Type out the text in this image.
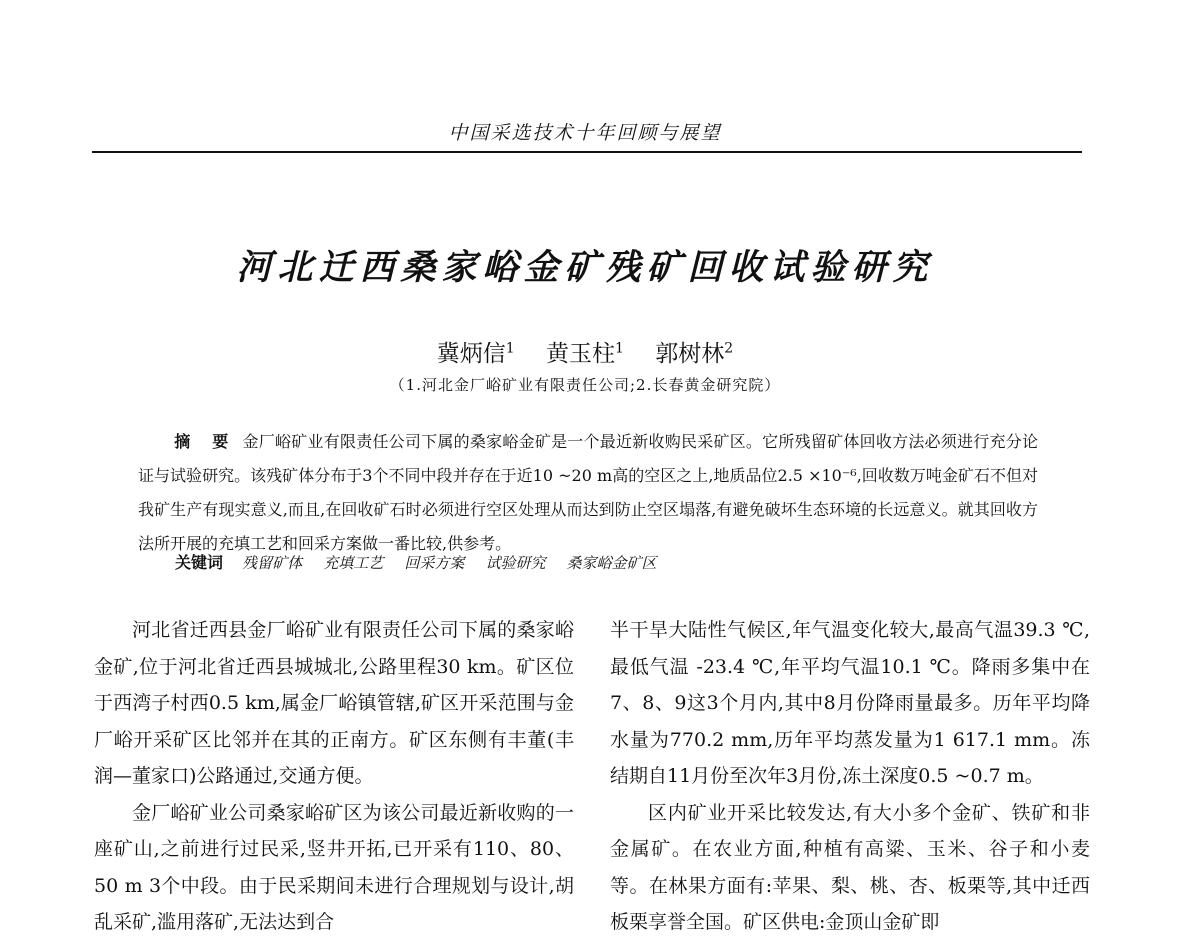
中国采选技术十年回顾与展望
河北迁西桑家峪金矿残矿回收试验研究
冀炳信$^1$ 黄玉柱$^1$ 郭树林$^2$
（1.河北金厂峪矿业有限责任公司;2.长春黄金研究院）
摘 要 金厂峪矿业有限责任公司下属的桑家峪金矿是一个最近新收购民采矿区。它所残留矿体回收方法必须进行充分论证与试验研究。该残矿体分布于3个不同中段并存在于近10 ~20 m高的空区之上,地质品位2.5 ×10⁻⁶,回收数万吨金矿石不但对我矿生产有现实意义,而且,在回收矿石时必须进行空区处理从而达到防止空区塌落,有避免破坏生态环境的长远意义。就其回收方法所开展的充填工艺和回采方案做一番比较,供参考。
关键词 残留矿体 充填工艺 回采方案 试验研究 桑家峪金矿区

河北省迁西县金厂峪矿业有限责任公司下属的桑家峪金矿,位于河北省迁西县城城北,公路里程30 km。矿区位于西湾子村西0.5 km,属金厂峪镇管辖,矿区开采范围与金厂峪开采矿区比邻并在其的正南方。矿区东侧有丰董(丰润—董家口)公路通过,交通方便。

金厂峪矿业公司桑家峪矿区为该公司最近新收购的一座矿山,之前进行过民采,竖井开拓,已开采有110、80、50 m 3个中段。由于民采期间未进行合理规划与设计,胡乱采矿,滥用落矿,无法达到合

半干旱大陆性气候区,年气温变化较大,最高气温39.3 ℃,最低气温 -23.4 ℃,年平均气温10.1 ℃。降雨多集中在7、8、9这3个月内,其中8月份降雨量最多。历年平均降水量为770.2 mm,历年平均蒸发量为1 617.1 mm。冻结期自11月份至次年3月份,冻土深度0.5 ~0.7 m。

区内矿业开采比较发达,有大小多个金矿、铁矿和非金属矿。在农业方面,种植有高粱、玉米、谷子和小麦等。在林果方面有:苹果、梨、桃、杏、板栗等,其中迁西板栗享誉全国。矿区供电:金顶山金矿即
